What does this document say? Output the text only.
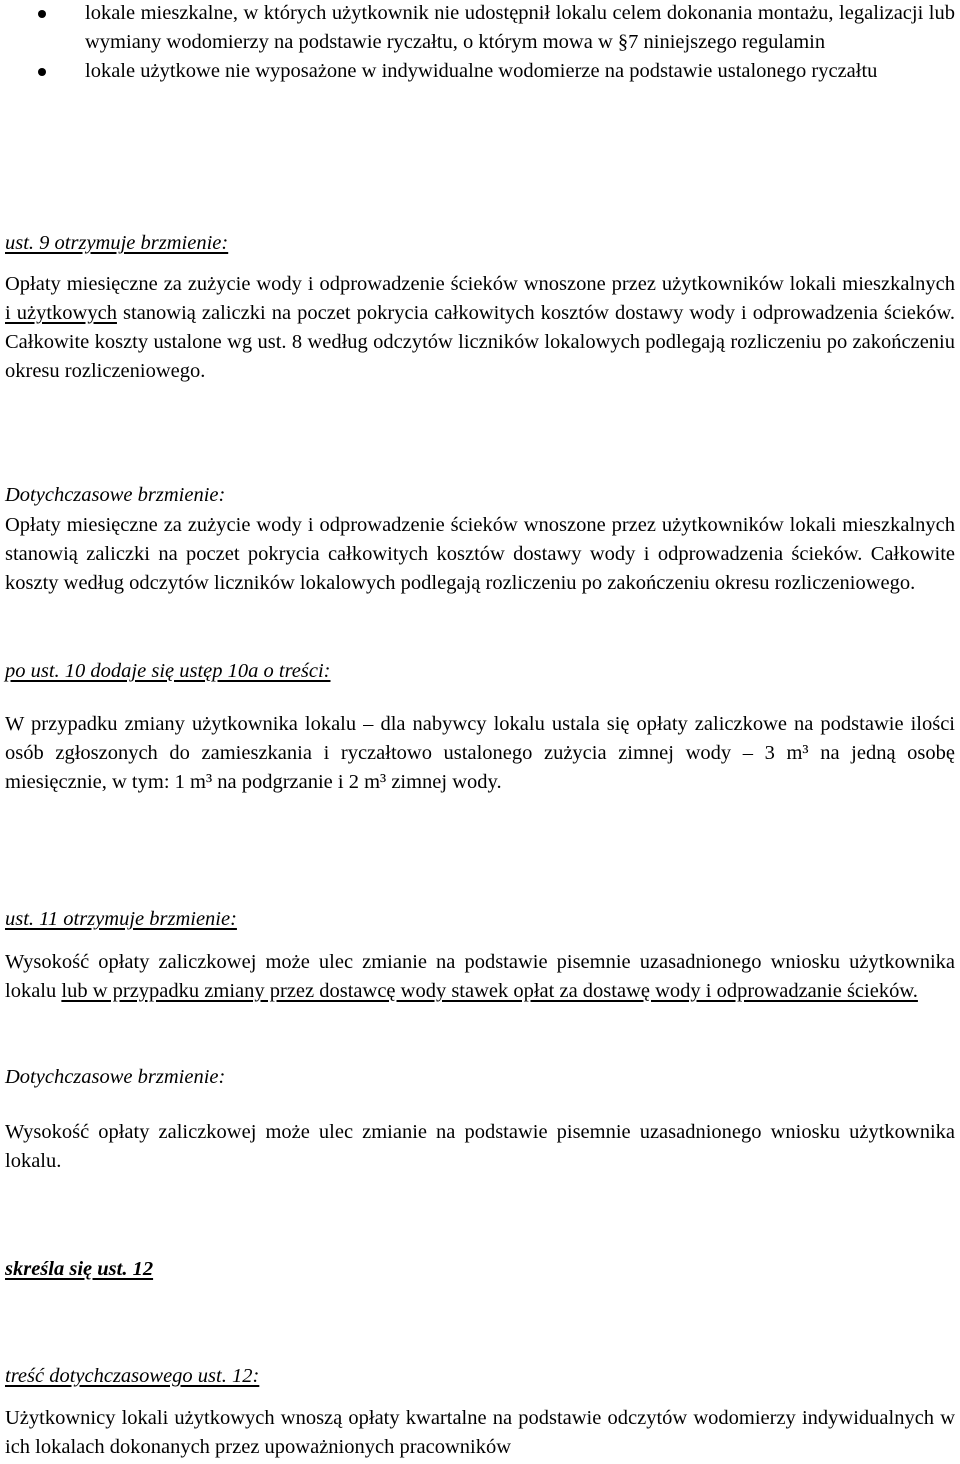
lokale mieszkalne, w których użytkownik nie udostępnił lokalu celem dokonania montażu, legalizacji lub wymiany wodomierzy na podstawie ryczałtu, o którym mowa w §7 niniejszego regulamin
lokale użytkowe nie wyposażone w indywidualne wodomierze na podstawie ustalonego ryczałtu
ust. 9 otrzymuje brzmienie:
Opłaty miesięczne za zużycie wody i odprowadzenie ścieków wnoszone przez użytkowników lokali mieszkalnych i użytkowych stanowią zaliczki na poczet pokrycia całkowitych kosztów dostawy wody i odprowadzenia ścieków. Całkowite koszty ustalone wg ust. 8 według odczytów liczników lokalowych podlegają rozliczeniu po zakończeniu okresu rozliczeniowego.
Dotychczasowe brzmienie:
Opłaty miesięczne za zużycie wody i odprowadzenie ścieków wnoszone przez użytkowników lokali mieszkalnych stanowią zaliczki na poczet pokrycia całkowitych kosztów dostawy wody i odprowadzenia ścieków. Całkowite koszty według odczytów liczników lokalowych podlegają rozliczeniu po zakończeniu okresu rozliczeniowego.
po ust. 10 dodaje się ustęp 10a o treści:
W przypadku zmiany użytkownika lokalu – dla nabywcy lokalu ustala się opłaty zaliczkowe na podstawie ilości osób zgłoszonych do zamieszkania i ryczałtowo ustalonego zużycia zimnej wody – 3 m³ na jedną osobę miesięcznie, w tym: 1 m³ na podgrzanie i 2 m³ zimnej wody.
ust. 11 otrzymuje brzmienie:
Wysokość opłaty zaliczkowej może ulec zmianie na podstawie pisemnie uzasadnionego wniosku użytkownika lokalu lub w przypadku zmiany przez dostawcę wody stawek opłat za dostawę wody i odprowadzanie ścieków.
Dotychczasowe brzmienie:
Wysokość opłaty zaliczkowej może ulec zmianie na podstawie pisemnie uzasadnionego wniosku użytkownika lokalu.
skreśla się ust. 12
treść dotychczasowego ust. 12:
Użytkownicy lokali użytkowych wnoszą opłaty kwartalne na podstawie odczytów wodomierzy indywidualnych w ich lokalach dokonanych przez upoważnionych pracowników
